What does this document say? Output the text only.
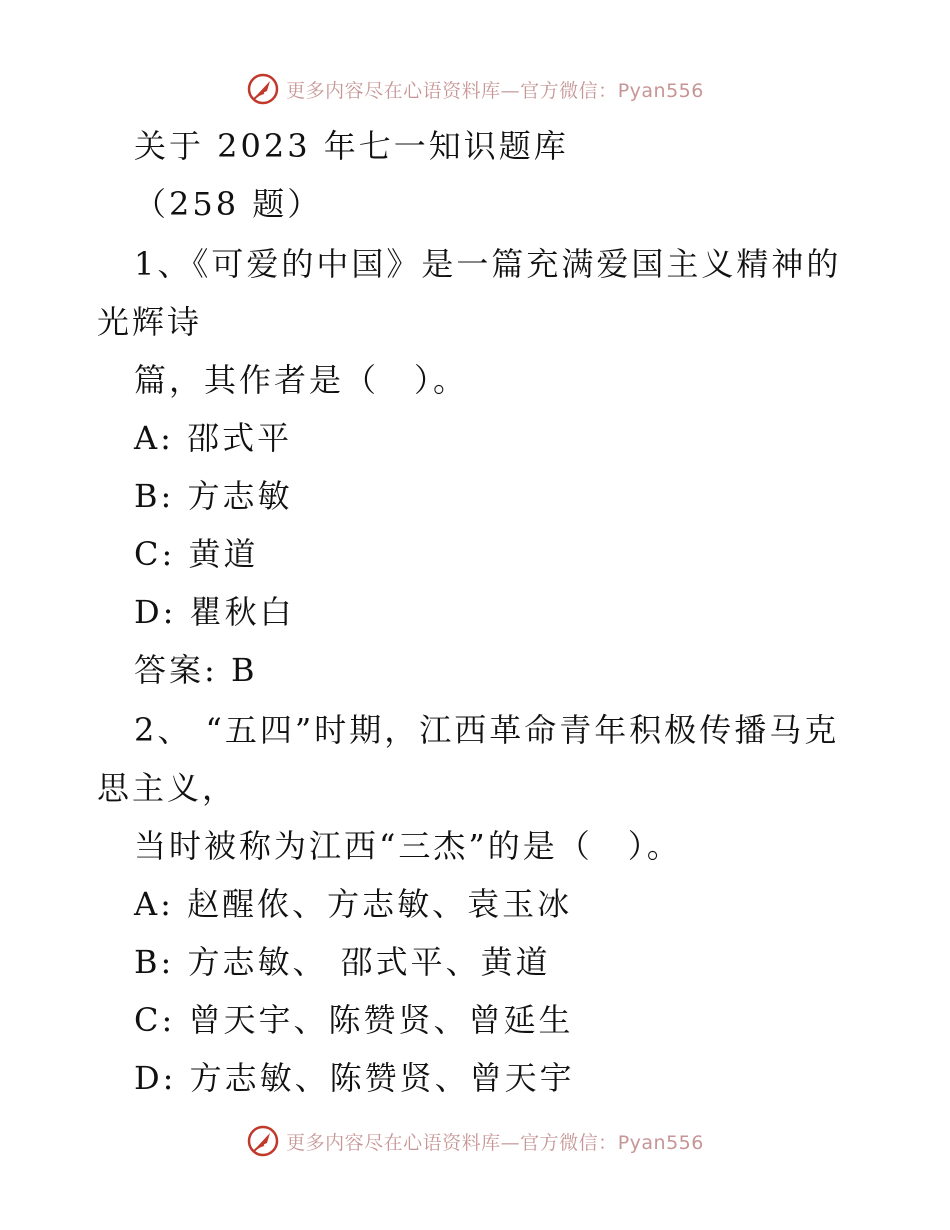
更多内容尽在心语资料库—官方微信：Pyan556
关于 2023 年七一知识题库
（258 题）
1、《可爱的中国》是一篇充满爱国主义精神的
光辉诗
篇，其作者是（　）。
A: 邵式平
B: 方志敏
C: 黄道
D: 瞿秋白
答案: B
2、 “五四”时期，江西革命青年积极传播马克
思主义，
当时被称为江西“三杰”的是（　）。
A: 赵醒侬、方志敏、袁玉冰
B: 方志敏、 邵式平、黄道
C: 曾天宇、陈赞贤、曾延生
D: 方志敏、陈赞贤、曾天宇
更多内容尽在心语资料库—官方微信：Pyan556
